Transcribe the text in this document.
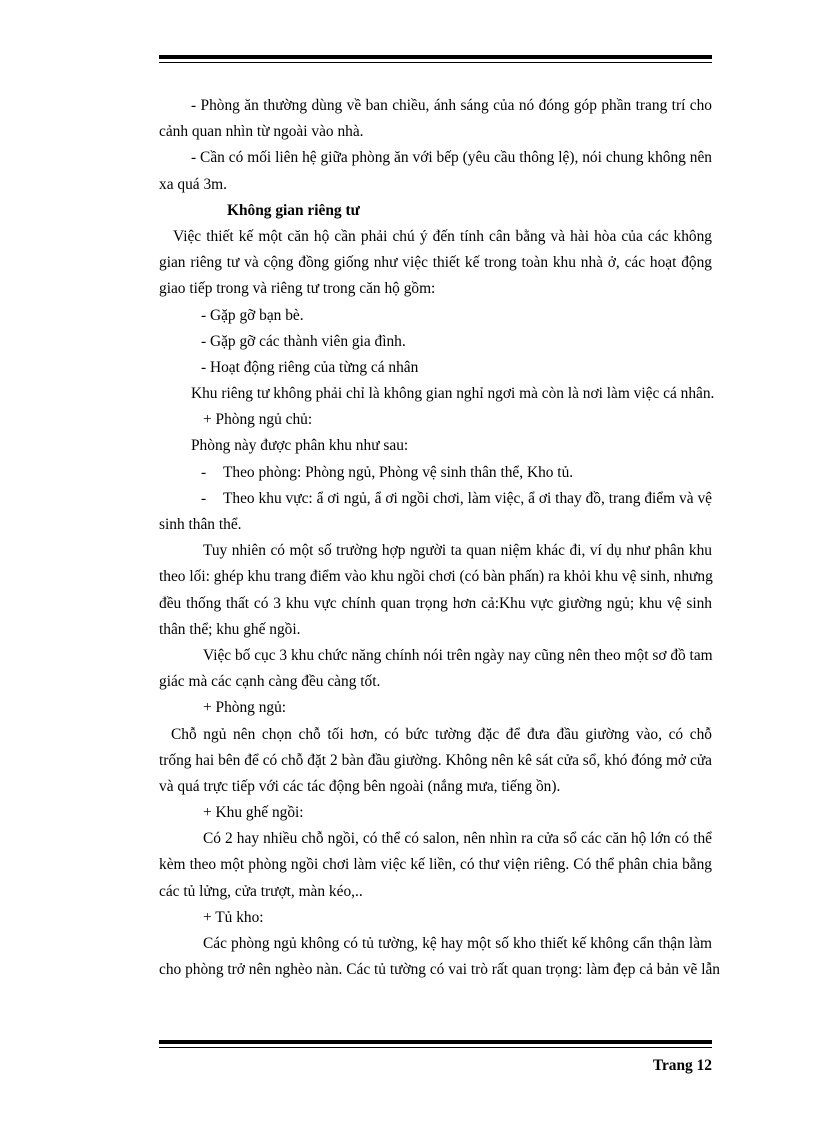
- Phòng ăn thường dùng về ban chiều, ánh sáng của nó đóng góp phần trang trí cho
cảnh quan nhìn từ ngoài vào nhà.
- Cần có mối liên hệ giữa phòng ăn với bếp (yêu cầu thông lệ), nói chung không nên
xa quá 3m.
Không gian riêng tư
Việc thiết kế một căn hộ cần phải chú ý đến tính cân bằng và hài hòa của các không
gian riêng tư và cộng đồng giống như việc thiết kế trong toàn khu nhà ở, các hoạt động
giao tiếp trong và riêng tư trong căn hộ gồm:
- Gặp gỡ bạn bè.
- Gặp gỡ các thành viên gia đình.
- Hoạt động riêng của từng cá nhân
Khu riêng tư không phải chỉ là không gian nghỉ ngơi mà còn là nơi làm việc cá nhân.
+ Phòng ngủ chủ:
Phòng này được phân khu như sau:
-	Theo phòng: Phòng ngủ, Phòng vệ sinh thân thể, Kho tủ.
-	Theo khu vực: ẩ ơi ngủ, ẩ ơi ngồi chơi, làm việc, ẩ ơi thay đồ, trang điểm và vệ
sinh thân thể.
Tuy nhiên có một số trường hợp người ta quan niệm khác đi, ví dụ như phân khu
theo lối: ghép khu trang điểm vào khu ngồi chơi (có bàn phấn) ra khỏi khu vệ sinh, nhưng
đều thống thất có 3 khu vực chính quan trọng hơn cả:Khu vực giường ngủ; khu vệ sinh
thân thể; khu ghế ngồi.
Việc bố cục 3 khu chức năng chính nói trên ngày nay cũng nên theo một sơ đồ tam
giác mà các cạnh càng đều càng tốt.
+ Phòng ngủ:
Chỗ ngủ nên chọn chỗ tối hơn, có bức tường đặc để đưa đầu giường vào, có chỗ
trống hai bên để có chỗ đặt 2 bàn đầu giường. Không nên kê sát cửa sổ, khó đóng mở cửa
và quá trực tiếp với các tác động bên ngoài (nắng mưa, tiếng ồn).
+ Khu ghế ngồi:
Có 2 hay nhiều chỗ ngồi, có thể có salon, nên nhìn ra cửa sổ các căn hộ lớn có thể
kèm theo một phòng ngồi chơi làm việc kế liền, có thư viện riêng. Có thể phân chia bằng
các tủ lửng, cửa trượt, màn kéo,..
+ Tủ kho:
Các phòng ngủ không có tủ tường, kệ hay một số kho thiết kế không cẩn thận làm
cho phòng trở nên nghèo nàn. Các tủ tường có vai trò rất quan trọng: làm đẹp cả bản vẽ lẫn
Trang 12
